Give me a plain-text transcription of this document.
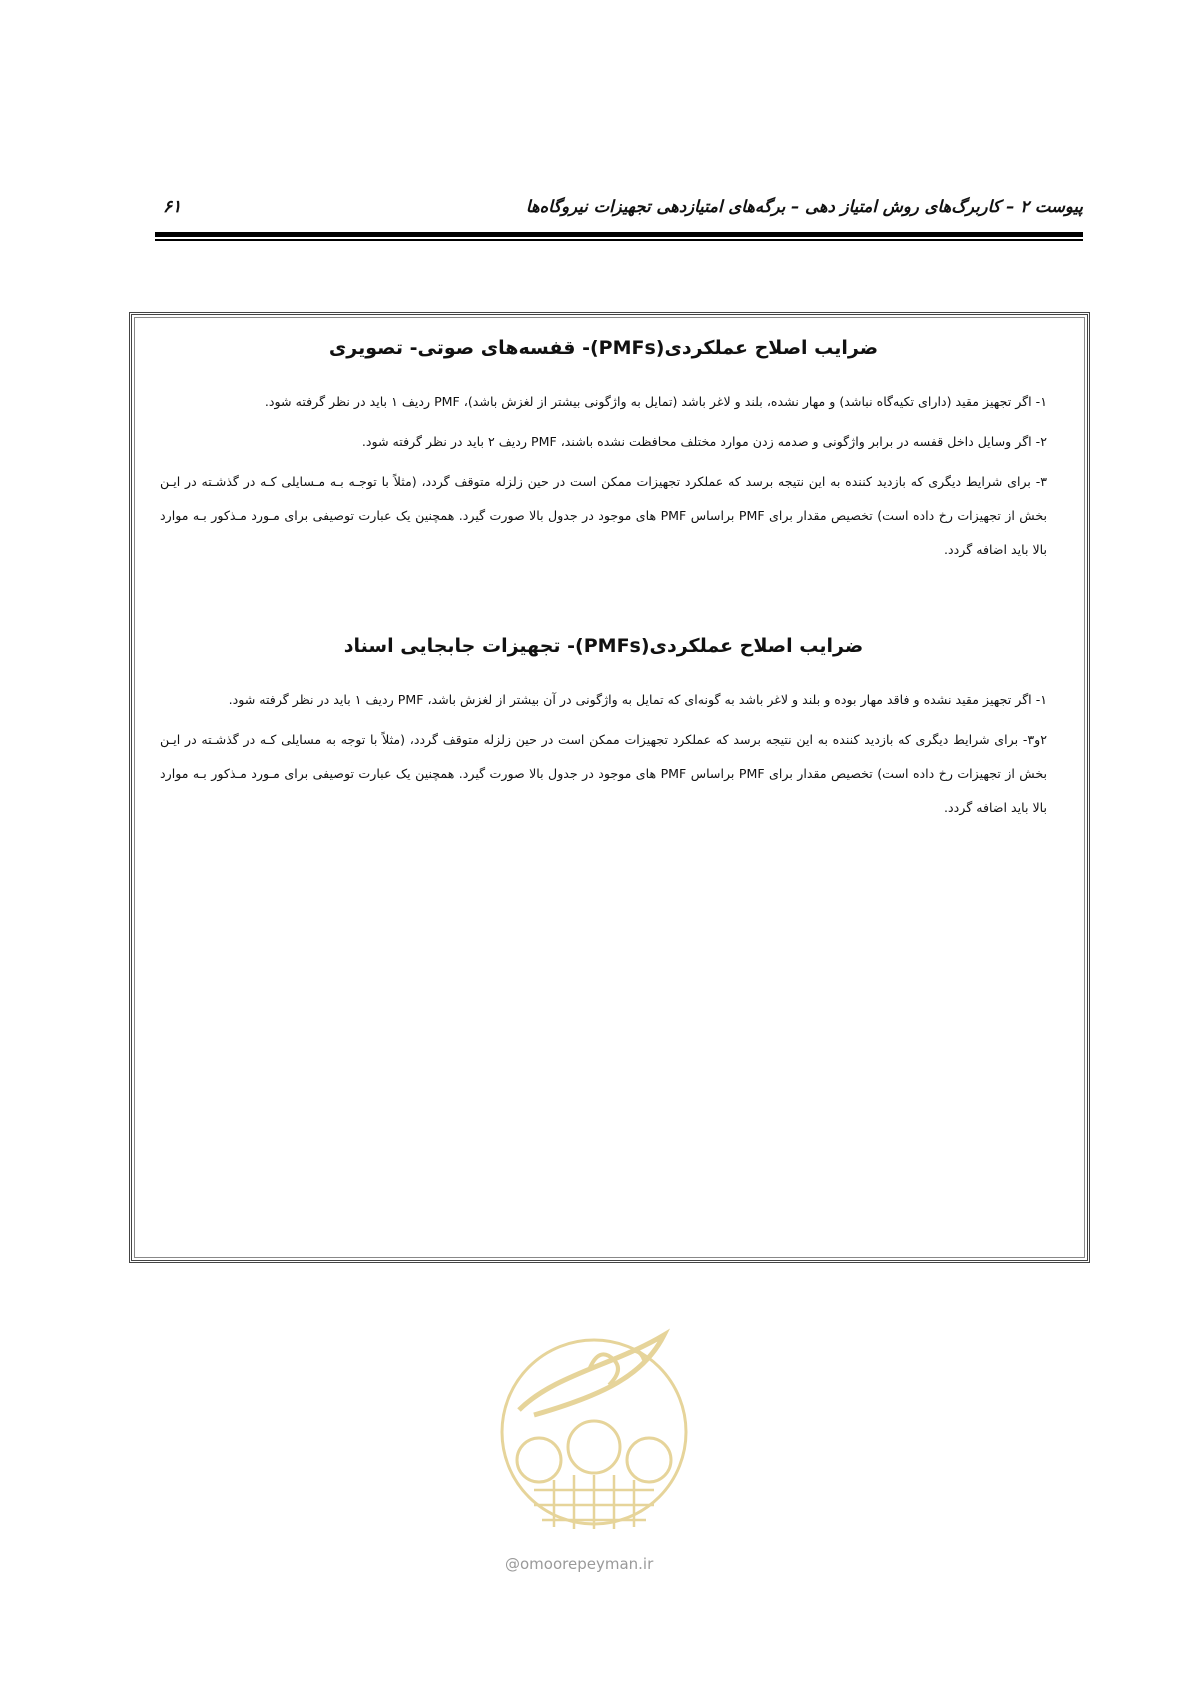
پیوست ۲ – کاربرگ‌های روش امتیاز دهی – برگه‌های امتیازدهی تجهیزات نیروگاه‌ها
۶۱
ضرایب اصلاح عملکردی(PMFs)- قفسه‌های صوتی- تصویری

۱- اگر تجهیز مقید (دارای تکیه‌گاه نباشد) و مهار نشده، بلند و لاغر باشد (تمایل به واژگونی بیشتر از لغزش باشد)، PMF ردیف ۱ باید در نظر گرفته شود.

۲- اگر وسایل داخل قفسه در برابر واژگونی و صدمه زدن موارد مختلف محافظت نشده باشند، PMF ردیف ۲ باید در نظر گرفته شود.

۳- برای شرایط دیگری که بازدید کننده به این نتیجه برسد که عملکرد تجهیزات ممکن است در حین زلزله متوقف گردد، (مثلاً با توجـه بـه مـسایلی کـه در گذشـته در ایـن بخش از تجهیزات رخ داده است) تخصیص مقدار برای PMF براساس PMF های موجود در جدول بالا صورت گیرد. همچنین یک عبارت توصیفی برای مـورد مـذکور بـه موارد بالا باید اضافه گردد.

ضرایب اصلاح عملکردی(PMFs)- تجهیزات جابجایی اسناد

۱- اگر تجهیز مقید نشده و فاقد مهار بوده و بلند و لاغر باشد به گونه‌ای که تمایل به واژگونی در آن بیشتر از لغزش باشد، PMF ردیف ۱ باید در نظر گرفته شود.

۲و۳- برای شرایط دیگری که بازدید کننده به این نتیجه برسد که عملکرد تجهیزات ممکن است در حین زلزله متوقف گردد، (مثلاً با توجه به مسایلی کـه در گذشـته در ایـن بخش از تجهیزات رخ داده است) تخصیص مقدار برای PMF براساس PMF های موجود در جدول بالا صورت گیرد. همچنین یک عبارت توصیفی برای مـورد مـذکور بـه موارد بالا باید اضافه گردد.

@omoorepeyman.ir
